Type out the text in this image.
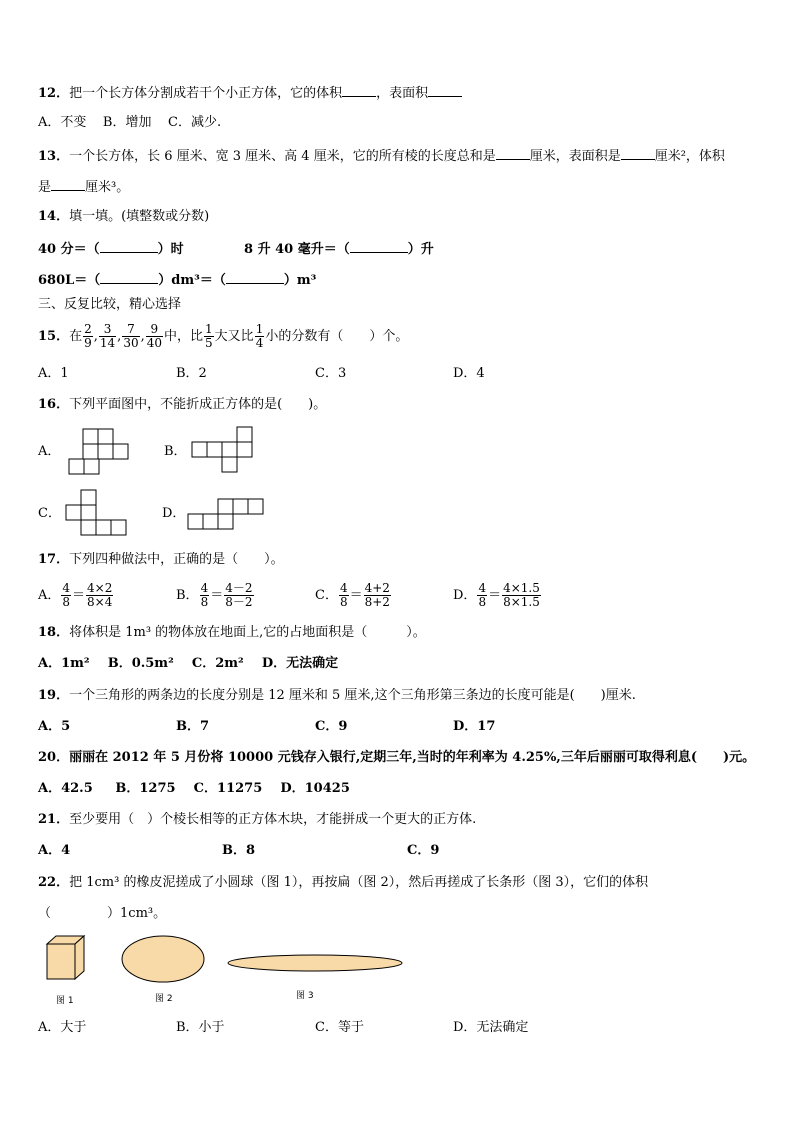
12．把一个长方体分割成若干个小正方体，它的体积	，表面积
A．不变 B．增加 C．减少.
13．一个长方体，长 6 厘米、宽 3 厘米、高 4 厘米，它的所有棱的长度总和是	厘米，表面积是	厘米²，体积
是	厘米³。
14．填一填。(填整数或分数)
40 分＝（	）时	8 升 40 毫升＝（	）升
680L＝（	）dm³＝（	）m³
三、反复比较，精心选择
15．在 $\frac{2}{9}$ , $\frac{3}{14}$ , $\frac{7}{30}$ , $\frac{9}{40}$ 中，比 $\frac{1}{5}$ 大又比 $\frac{1}{4}$ 小的分数有（　　）个。
A．1	B．2	C．3	D．4
16．下列平面图中，不能折成正方体的是(　　)。
A．	B．
C．	D．
17．下列四种做法中，正确的是（　　）。
A． $\frac{4}{8} = \frac{4\times 2}{8\times 4}$	B． $\frac{4}{8} = \frac{4-2}{8-2}$	C． $\frac{4}{8} = \frac{4+2}{8+2}$	D． $\frac{4}{8} = \frac{4\times 1.5}{8\times 1.5}$
18．将体积是 1m³ 的物体放在地面上,它的占地面积是（　　　）。
A．1m² B．0.5m² C．2m² D．无法确定
19．一个三角形的两条边的长度分别是 12 厘米和 5 厘米,这个三角形第三条边的长度可能是(　　)厘米.
A．5	B．7	C．9	D．17
20．丽丽在 2012 年 5 月份将 10000 元钱存入银行,定期三年,当时的年利率为 4.25%,三年后丽丽可取得利息(　　)元。
A．42.5 B．1275 C．11275 D．10425
21．至少要用（　）个棱长相等的正方体木块，才能拼成一个更大的正方体.
A．4	B．8	C．9
22．把 1cm³ 的橡皮泥搓成了小圆球（图 1），再按扁（图 2），然后再搓成了长条形（图 3），它们的体积
（	）1cm³。
图 1	图 2	图 3
A．大于	B．小于	C．等于	D．无法确定
